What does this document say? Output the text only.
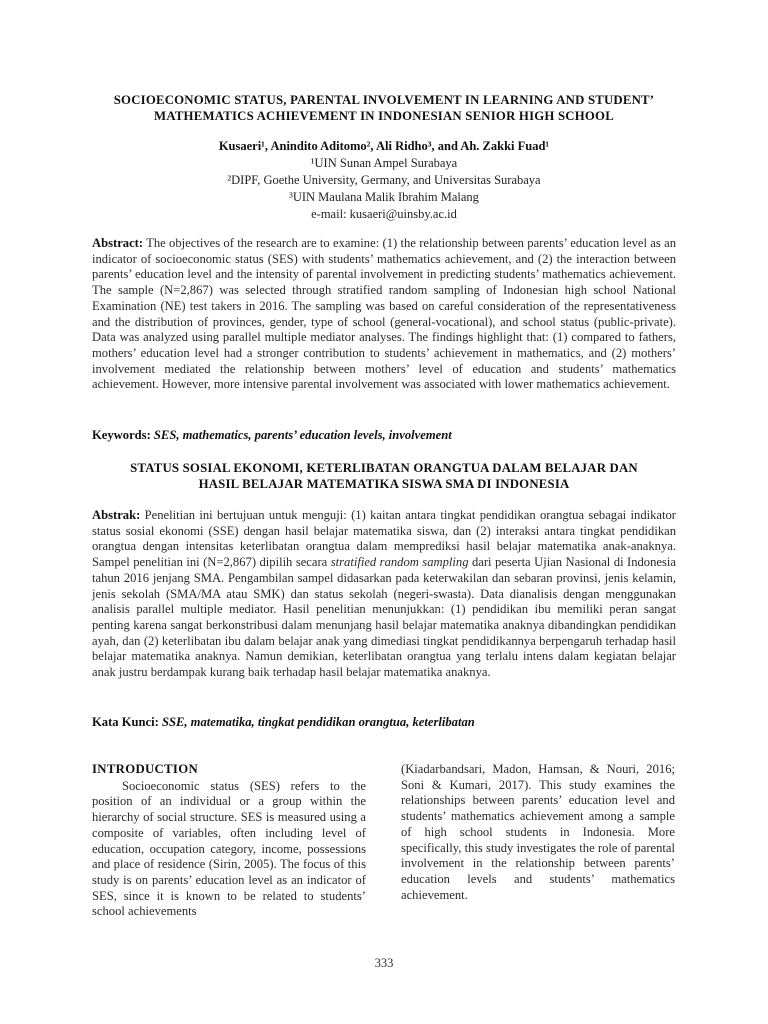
SOCIOECONOMIC STATUS, PARENTAL INVOLVEMENT IN LEARNING AND STUDENT’
MATHEMATICS ACHIEVEMENT IN INDONESIAN SENIOR HIGH SCHOOL
Kusaeri¹, Anindito Aditomo², Ali Ridho³, and Ah. Zakki Fuad¹
¹UIN Sunan Ampel Surabaya
²DIPF, Goethe University, Germany, and Universitas Surabaya
³UIN Maulana Malik Ibrahim Malang
e-mail: kusaeri@uinsby.ac.id

Abstract: The objectives of the research are to examine: (1) the relationship between parents’ education level as an indicator of socioeconomic status (SES) with students’ mathematics achievement, and (2) the interaction between parents’ education level and the intensity of parental involvement in predicting students’ mathematics achievement. The sample (N=2,867) was selected through stratified random sampling of Indonesian high school National Examination (NE) test takers in 2016. The sampling was based on careful consideration of the representativeness and the distribution of provinces, gender, type of school (general-vocational), and school status (public-private). Data was analyzed using parallel multiple mediator analyses. The findings highlight that: (1) compared to fathers, mothers’ education level had a stronger contribution to students’ achievement in mathematics, and (2) mothers’ involvement mediated the relationship between mothers’ level of education and students’ mathematics achievement. However, more intensive parental involvement was associated with lower mathematics achievement.

Keywords: SES, mathematics, parents’ education levels, involvement

STATUS SOSIAL EKONOMI, KETERLIBATAN ORANGTUA DALAM BELAJAR DAN
HASIL BELAJAR MATEMATIKA SISWA SMA DI INDONESIA

Abstrak: Penelitian ini bertujuan untuk menguji: (1) kaitan antara tingkat pendidikan orangtua sebagai indikator status sosial ekonomi (SSE) dengan hasil belajar matematika siswa, dan (2) interaksi antara tingkat pendidikan orangtua dengan intensitas keterlibatan orangtua dalam memprediksi hasil belajar matematika anak-anaknya. Sampel penelitian ini (N=2,867) dipilih secara stratified random sampling dari peserta Ujian Nasional di Indonesia tahun 2016 jenjang SMA. Pengambilan sampel didasarkan pada keterwakilan dan sebaran provinsi, jenis kelamin, jenis sekolah (SMA/MA atau SMK) dan status sekolah (negeri-swasta). Data dianalisis dengan menggunakan analisis parallel multiple mediator. Hasil penelitian menunjukkan: (1) pendidikan ibu memiliki peran sangat penting karena sangat berkonstribusi dalam menunjang hasil belajar matematika anaknya dibandingkan pendidikan ayah, dan (2) keterlibatan ibu dalam belajar anak yang dimediasi tingkat pendidikannya berpengaruh terhadap hasil belajar matematika anaknya. Namun demikian, keterlibatan orangtua yang terlalu intens dalam kegiatan belajar anak justru berdampak kurang baik terhadap hasil belajar matematika anaknya.

Kata Kunci: SSE, matematika, tingkat pendidikan orangtua, keterlibatan

INTRODUCTION

Socioeconomic status (SES) refers to the position of an individual or a group within the hierarchy of social structure. SES is measured using a composite of variables, often including level of education, occupation category, income, possessions and place of residence (Sirin, 2005). The focus of this study is on parents’ education level as an indicator of SES, since it is known to be related to students’ school achievements

(Kiadarbandsari, Madon, Hamsan, & Nouri, 2016; Soni & Kumari, 2017). This study examines the relationships between parents’ education level and students’ mathematics achievement among a sample of high school students in Indonesia. More specifically, this study investigates the role of parental involvement in the relationship between parents’ education levels and students’ mathematics achievement.

333
